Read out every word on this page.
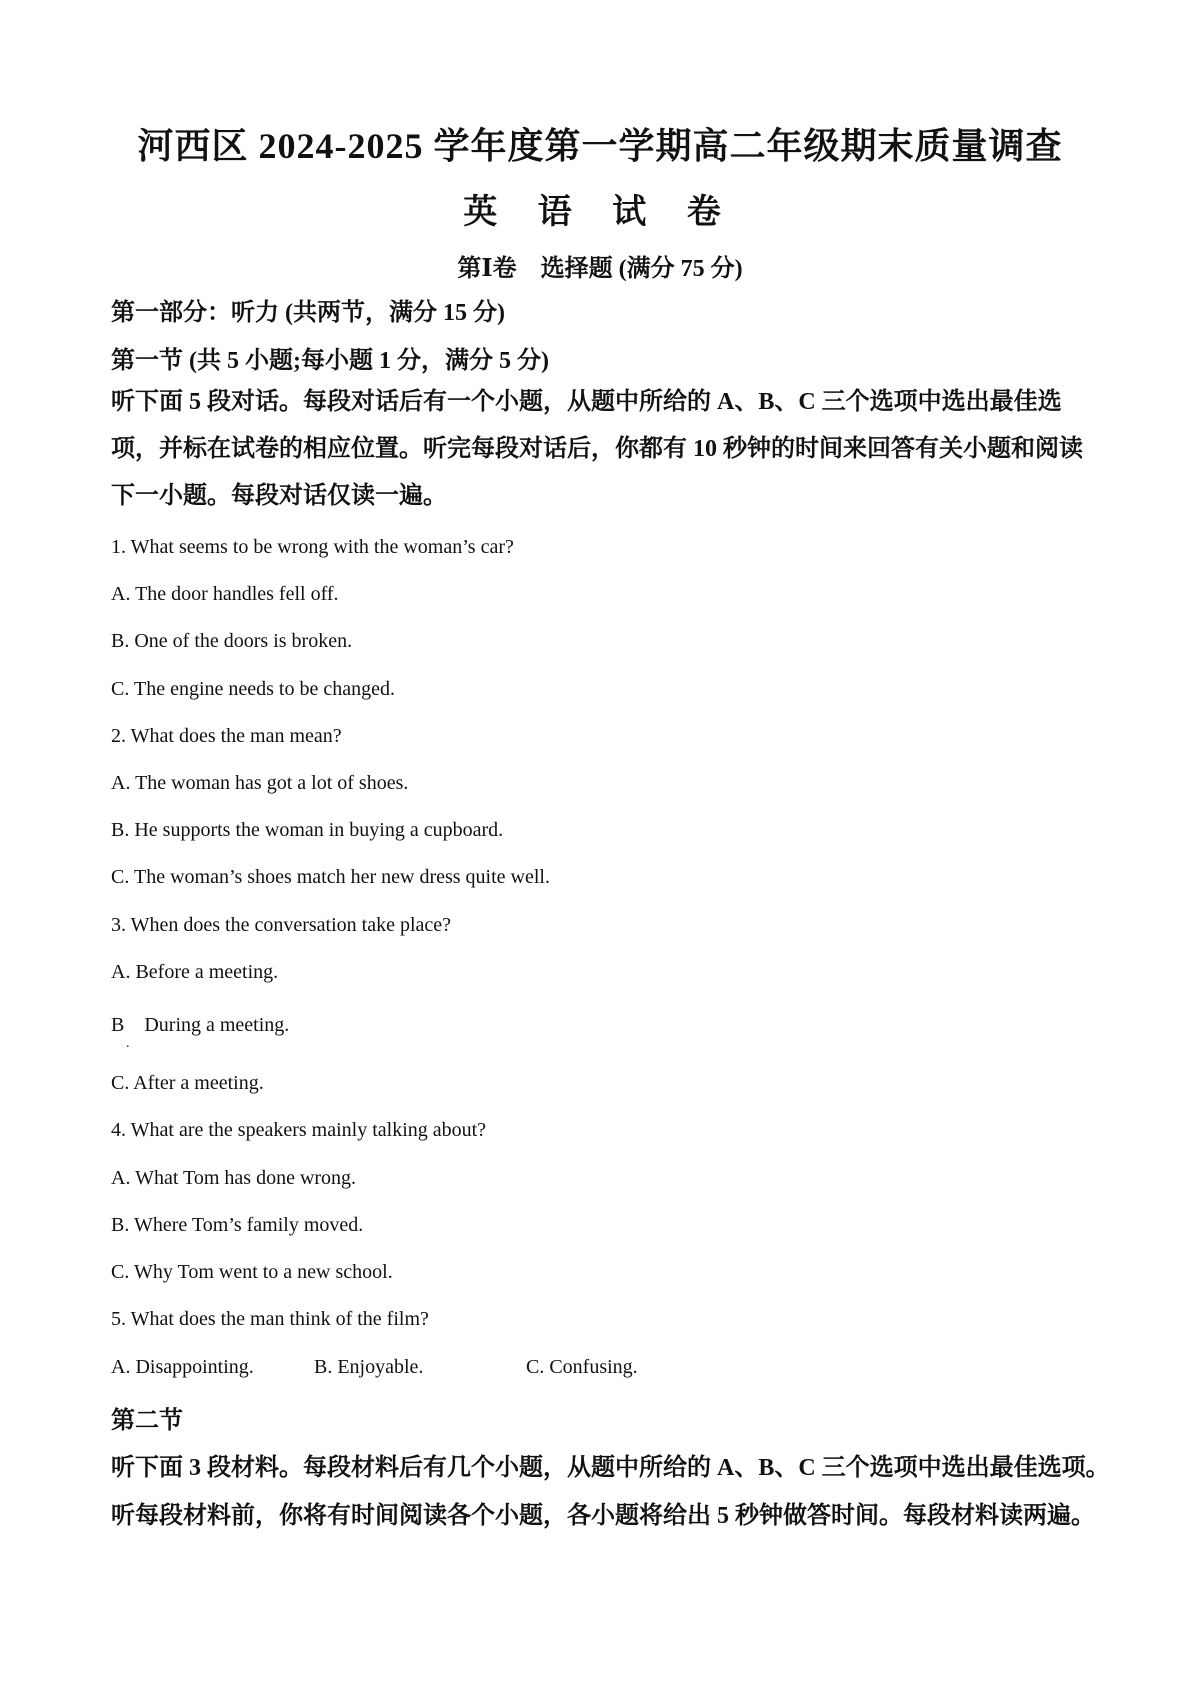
河西区 2024-2025 学年度第一学期高二年级期末质量调查
英 语 试 卷
第Ⅰ卷　选择题 (满分 75 分)
第一部分：听力 (共两节，满分 15 分)
第一节 (共 5 小题;每小题 1 分，满分 5 分)
听下面 5 段对话。每段对话后有一个小题，从题中所给的 A、B、C 三个选项中选出最佳选项，并标在试卷的相应位置。听完每段对话后，你都有 10 秒钟的时间来回答有关小题和阅读下一小题。每段对话仅读一遍。
1. What seems to be wrong with the woman’s car?
A. The door handles fell off.
B. One of the doors is broken.
C. The engine needs to be changed.
2. What does the man mean?
A. The woman has got a lot of shoes.
B. He supports the woman in buying a cupboard.
C. The woman’s shoes match her new dress quite well.
3. When does the conversation take place?
A. Before a meeting.
B　During a meeting.
.
C. After a meeting.
4. What are the speakers mainly talking about?
A. What Tom has done wrong.
B. Where Tom’s family moved.
C. Why Tom went to a new school.
5. What does the man think of the film?
A. Disappointing.	B. Enjoyable.	C. Confusing.
第二节
听下面 3 段材料。每段材料后有几个小题，从题中所给的 A、B、C 三个选项中选出最佳选项。
听每段材料前，你将有时间阅读各个小题，各小题将给出 5 秒钟做答时间。每段材料读两遍。
